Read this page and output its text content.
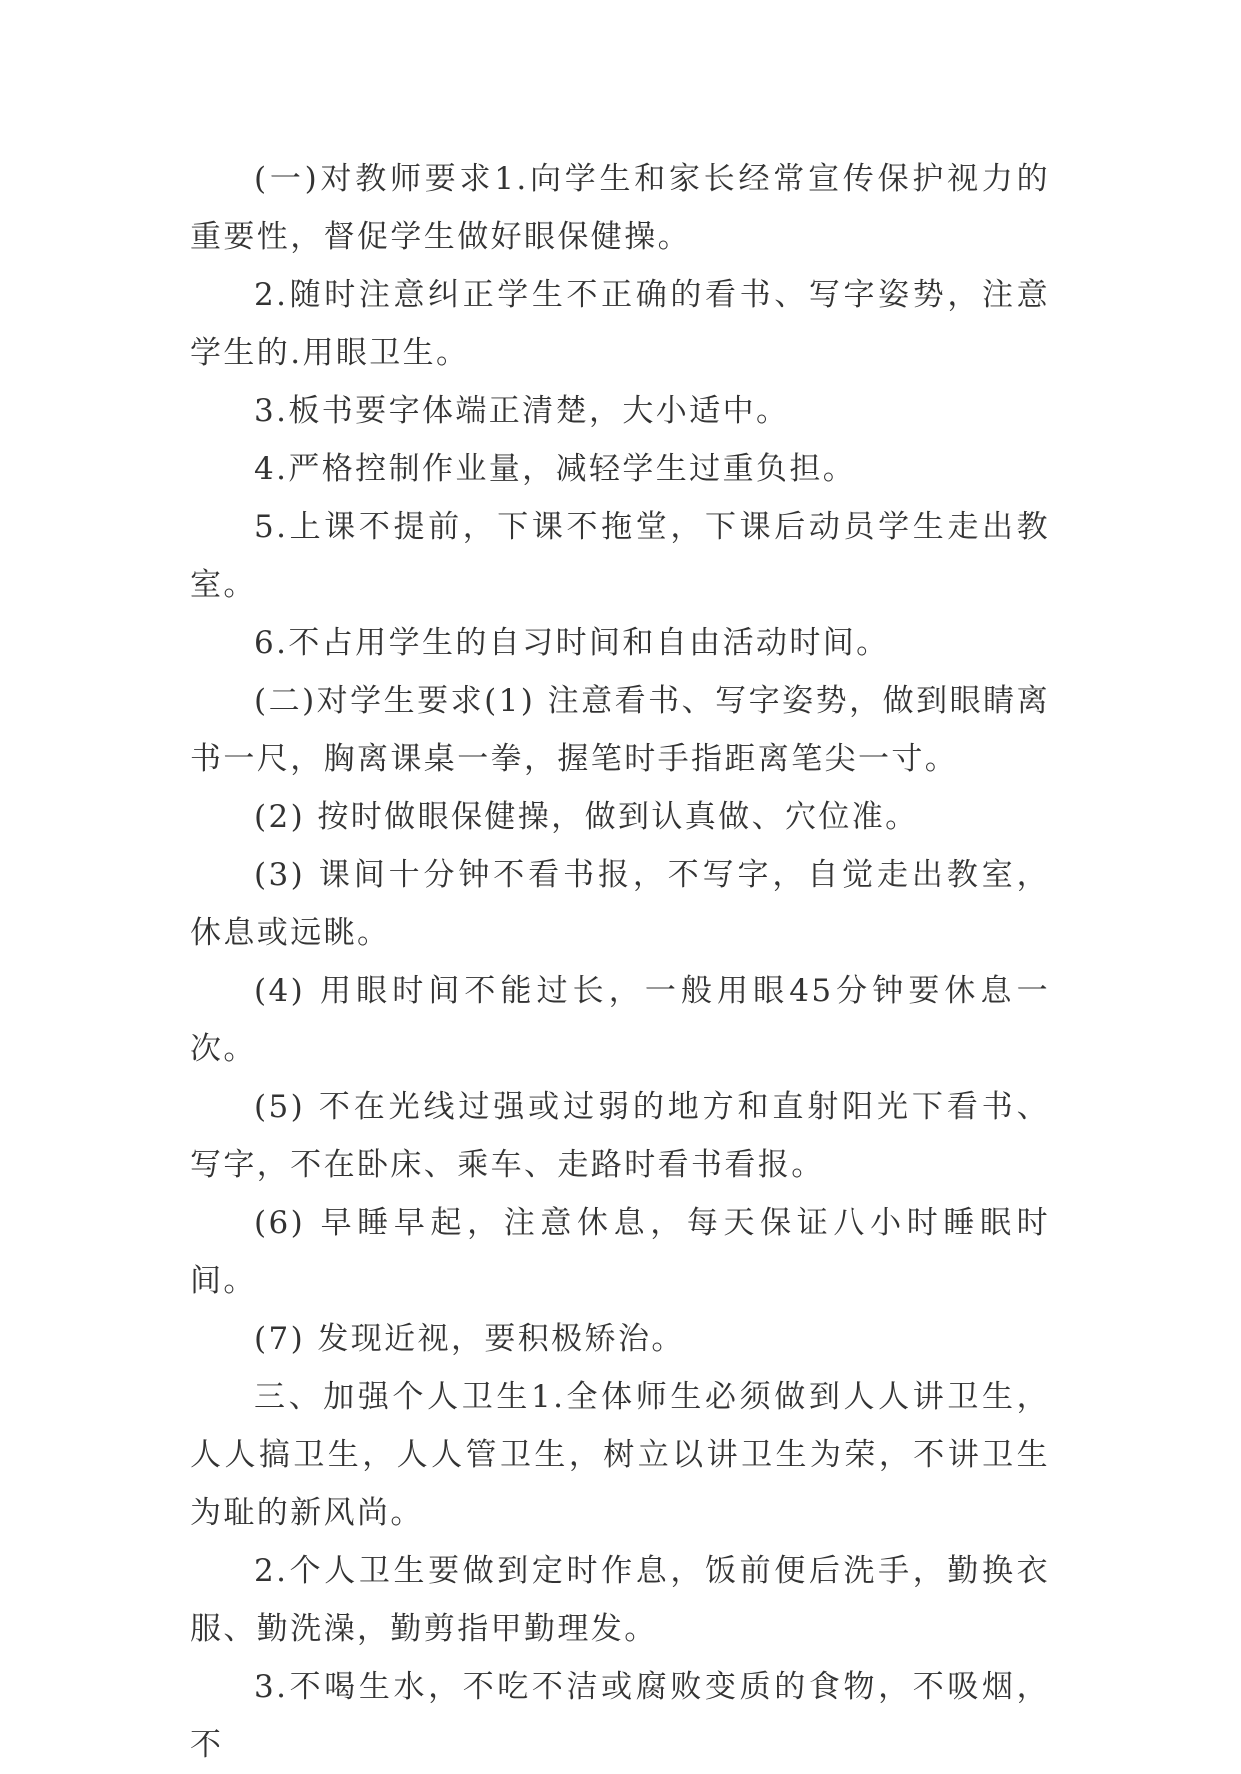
(一)对教师要求1.向学生和家长经常宣传保护视力的重要性，督促学生做好眼保健操。

2.随时注意纠正学生不正确的看书、写字姿势，注意学生的.用眼卫生。

3.板书要字体端正清楚，大小适中。

4.严格控制作业量，减轻学生过重负担。

5.上课不提前，下课不拖堂，下课后动员学生走出教室。

6.不占用学生的自习时间和自由活动时间。

(二)对学生要求(1) 注意看书、写字姿势，做到眼睛离书一尺，胸离课桌一拳，握笔时手指距离笔尖一寸。

(2) 按时做眼保健操，做到认真做、穴位准。

(3) 课间十分钟不看书报，不写字，自觉走出教室，休息或远眺。

(4) 用眼时间不能过长，一般用眼45分钟要休息一次。

(5) 不在光线过强或过弱的地方和直射阳光下看书、写字，不在卧床、乘车、走路时看书看报。

(6) 早睡早起，注意休息，每天保证八小时睡眠时间。

(7) 发现近视，要积极矫治。

三、加强个人卫生1.全体师生必须做到人人讲卫生，人人搞卫生，人人管卫生，树立以讲卫生为荣，不讲卫生为耻的新风尚。

2.个人卫生要做到定时作息，饭前便后洗手，勤换衣服、勤洗澡，勤剪指甲勤理发。

3.不喝生水，不吃不洁或腐败变质的食物，不吸烟，不
